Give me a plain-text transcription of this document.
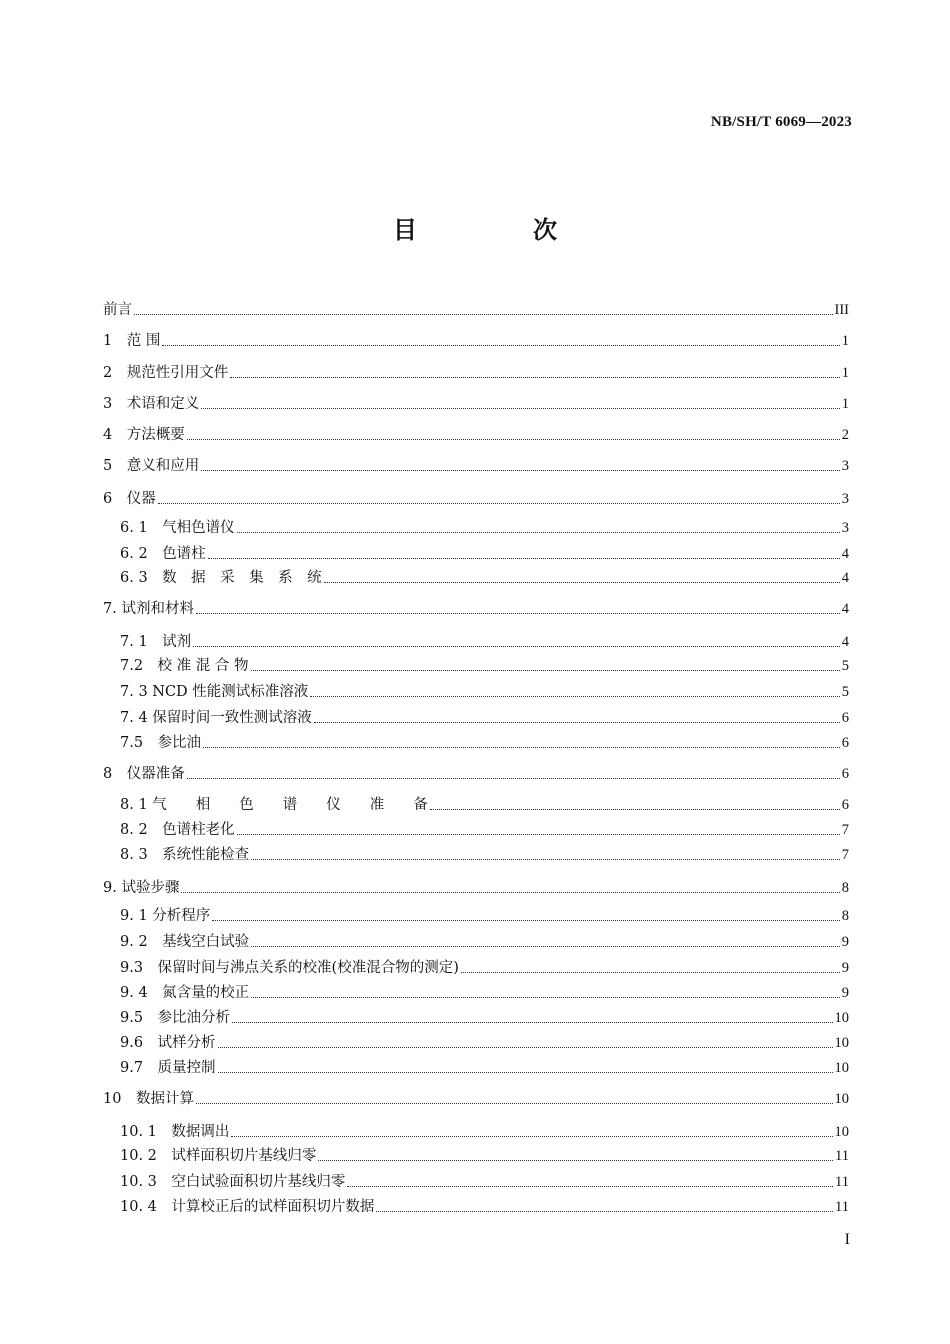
NB/SH/T 6069—2023
目　次
前言	III
1　范 围	1
2　规范性引用文件	1
3　术语和定义	1
4　方法概要	2
5　意义和应用	3
6　仪器	3
6. 1　气相色谱仪	3
6. 2　色谱柱	4
6. 3　数　据　采　集　系　统	4
7. 试剂和材料	4
7. 1　试剂	4
7.2　校 准 混 合 物	5
7. 3 NCD 性能测试标准溶液	5
7. 4 保留时间一致性测试溶液	6
7.5　参比油	6
8　仪器准备	6
8. 1 气　　相　　色　　谱　　仪　　准　　备	6
8. 2　色谱柱老化	7
8. 3　系统性能检查	7
9. 试验步骤	8
9. 1 分析程序	8
9. 2　基线空白试验	9
9.3　保留时间与沸点关系的校准(校准混合物的测定)	9
9. 4　氮含量的校正	9
9.5　参比油分析	10
9.6　试样分析	10
9.7　质量控制	10
10　数据计算	10
10. 1　数据调出	10
10. 2　试样面积切片基线归零	11
10. 3　空白试验面积切片基线归零	11
10. 4　计算校正后的试样面积切片数据	11
I
